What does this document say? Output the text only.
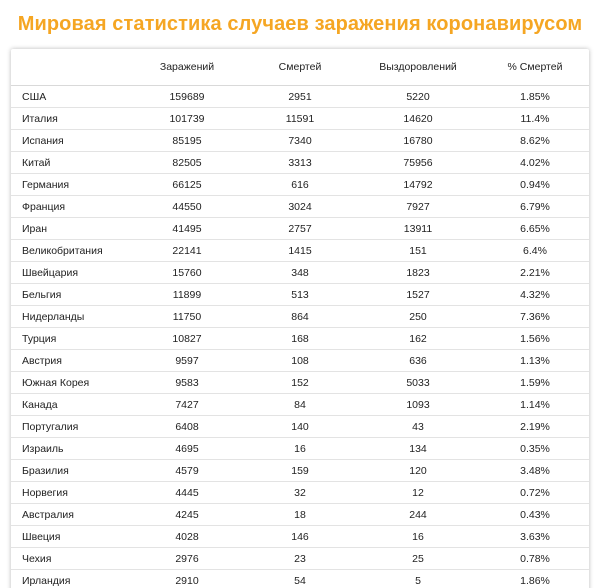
Мировая статистика случаев заражения коронавирусом
	Заражений	Смертей	Выздоровлений	% Смертей
США	159689	2951	5220	1.85%
Италия	101739	11591	14620	11.4%
Испания	85195	7340	16780	8.62%
Китай	82505	3313	75956	4.02%
Германия	66125	616	14792	0.94%
Франция	44550	3024	7927	6.79%
Иран	41495	2757	13911	6.65%
Великобритания	22141	1415	151	6.4%
Швейцария	15760	348	1823	2.21%
Бельгия	11899	513	1527	4.32%
Нидерланды	11750	864	250	7.36%
Турция	10827	168	162	1.56%
Австрия	9597	108	636	1.13%
Южная Корея	9583	152	5033	1.59%
Канада	7427	84	1093	1.14%
Португалия	6408	140	43	2.19%
Израиль	4695	16	134	0.35%
Бразилия	4579	159	120	3.48%
Норвегия	4445	32	12	0.72%
Австралия	4245	18	244	0.43%
Швеция	4028	146	16	3.63%
Чехия	2976	23	25	0.78%
Ирландия	2910	54	5	1.86%
